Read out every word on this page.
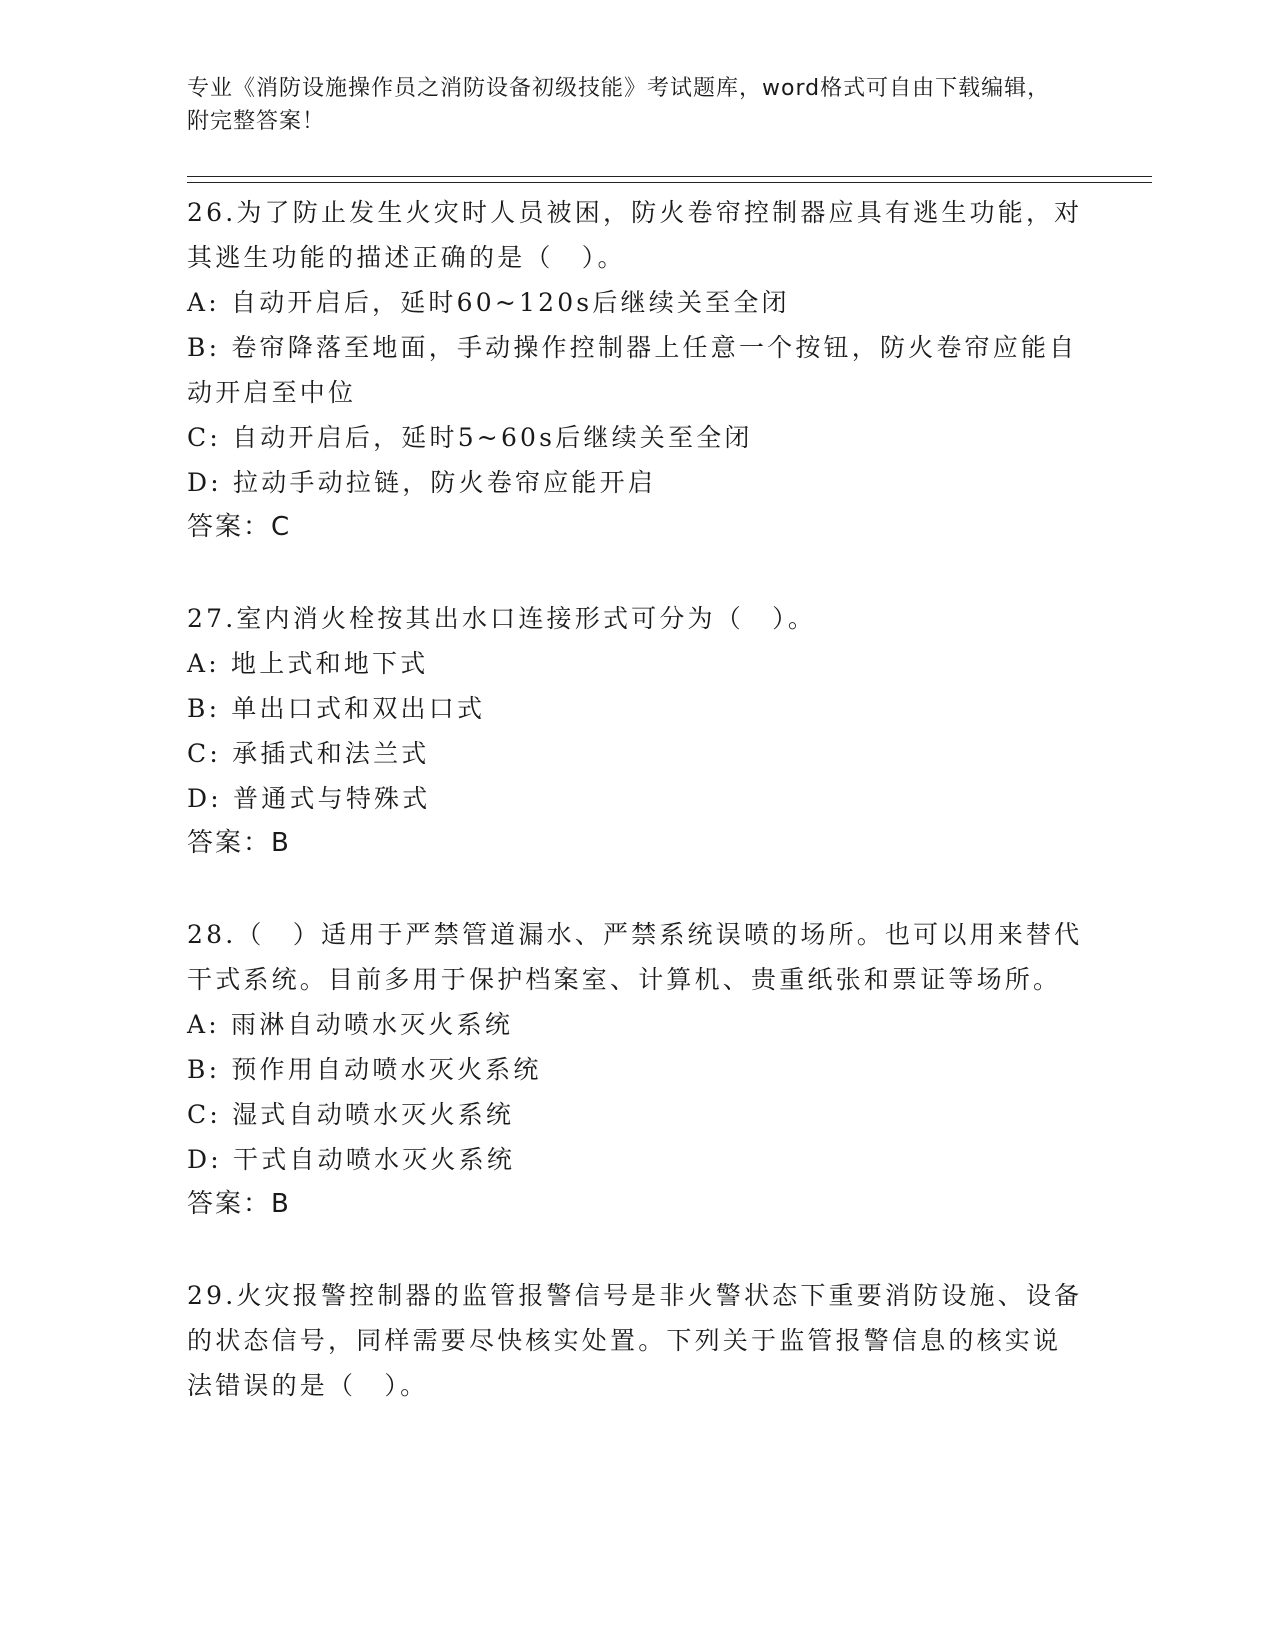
专业《消防设施操作员之消防设备初级技能》考试题库，word格式可自由下载编辑，附完整答案！

26.为了防止发生火灾时人员被困，防火卷帘控制器应具有逃生功能，对其逃生功能的描述正确的是（　）。

A: 自动开启后，延时60~120s后继续关至全闭

B: 卷帘降落至地面，手动操作控制器上任意一个按钮，防火卷帘应能自动开启至中位

C: 自动开启后，延时5~60s后继续关至全闭

D: 拉动手动拉链，防火卷帘应能开启

答案：C

27.室内消火栓按其出水口连接形式可分为（　）。

A: 地上式和地下式

B: 单出口式和双出口式

C: 承插式和法兰式

D: 普通式与特殊式

答案：B

28.（　）适用于严禁管道漏水、严禁系统误喷的场所。也可以用来替代干式系统。目前多用于保护档案室、计算机、贵重纸张和票证等场所。

A: 雨淋自动喷水灭火系统

B: 预作用自动喷水灭火系统

C: 湿式自动喷水灭火系统

D: 干式自动喷水灭火系统

答案：B

29.火灾报警控制器的监管报警信号是非火警状态下重要消防设施、设备的状态信号，同样需要尽快核实处置。下列关于监管报警信息的核实说法错误的是（　）。
